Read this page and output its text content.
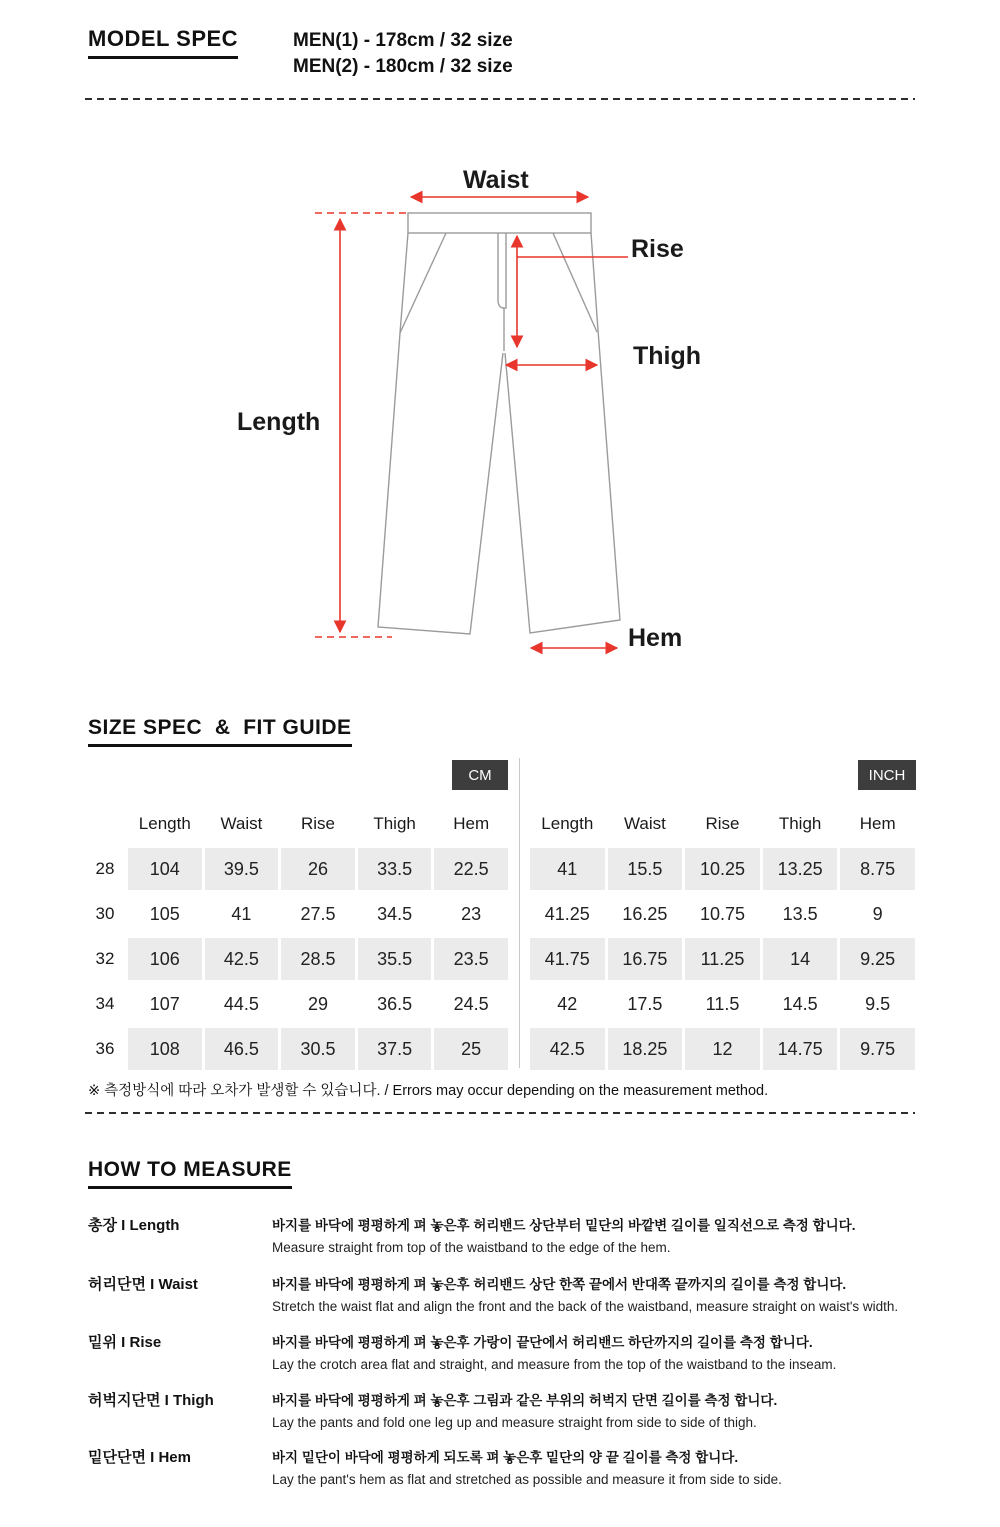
MODEL SPEC	MEN(1) - 178cm / 32 size
MEN(2) - 180cm / 32 size
Waist
Rise
Thigh
Length
Hem
SIZE SPEC  &  FIT GUIDE
CM	INCH
Length	Waist	Rise	Thigh	Hem
28	104	39.5	26	33.5	22.5
30	105	41	27.5	34.5	23
32	106	42.5	28.5	35.5	23.5
34	107	44.5	29	36.5	24.5
36	108	46.5	30.5	37.5	25
Length	Waist	Rise	Thigh	Hem
41	15.5	10.25	13.25	8.75
41.25	16.25	10.75	13.5	9
41.75	16.75	11.25	14	9.25
42	17.5	11.5	14.5	9.5
42.5	18.25	12	14.75	9.75
※ 측정방식에 따라 오차가 발생할 수 있습니다. / Errors may occur depending on the measurement method.
HOW TO MEASURE
총장 I Length	바지를 바닥에 평평하게 펴 놓은후 허리밴드 상단부터 밑단의 바깥변 길이를 일직선으로 측정 합니다.
Measure straight from top of the waistband to the edge of the hem.
허리단면 I Waist	바지를 바닥에 평평하게 펴 놓은후 허리밴드 상단 한쪽 끝에서 반대쪽 끝까지의 길이를 측정 합니다.
Stretch the waist flat and align the front and the back of the waistband, measure straight on waist's width.
밑위 I Rise	바지를 바닥에 평평하게 펴 놓은후 가랑이 끝단에서 허리밴드 하단까지의 길이를 측정 합니다.
Lay the crotch area flat and straight, and measure from the top of the waistband to the inseam.
허벅지단면 I Thigh	바지를 바닥에 평평하게 펴 놓은후 그림과 같은 부위의 허벅지 단면 길이를 측정 합니다.
Lay the pants and fold one leg up and measure straight from side to side of thigh.
밑단단면 I Hem	바지 밑단이 바닥에 평평하게 되도록 펴 놓은후 밑단의 양 끝 길이를 측정 합니다.
Lay the pant's hem as flat and stretched as possible and measure it from side to side.
